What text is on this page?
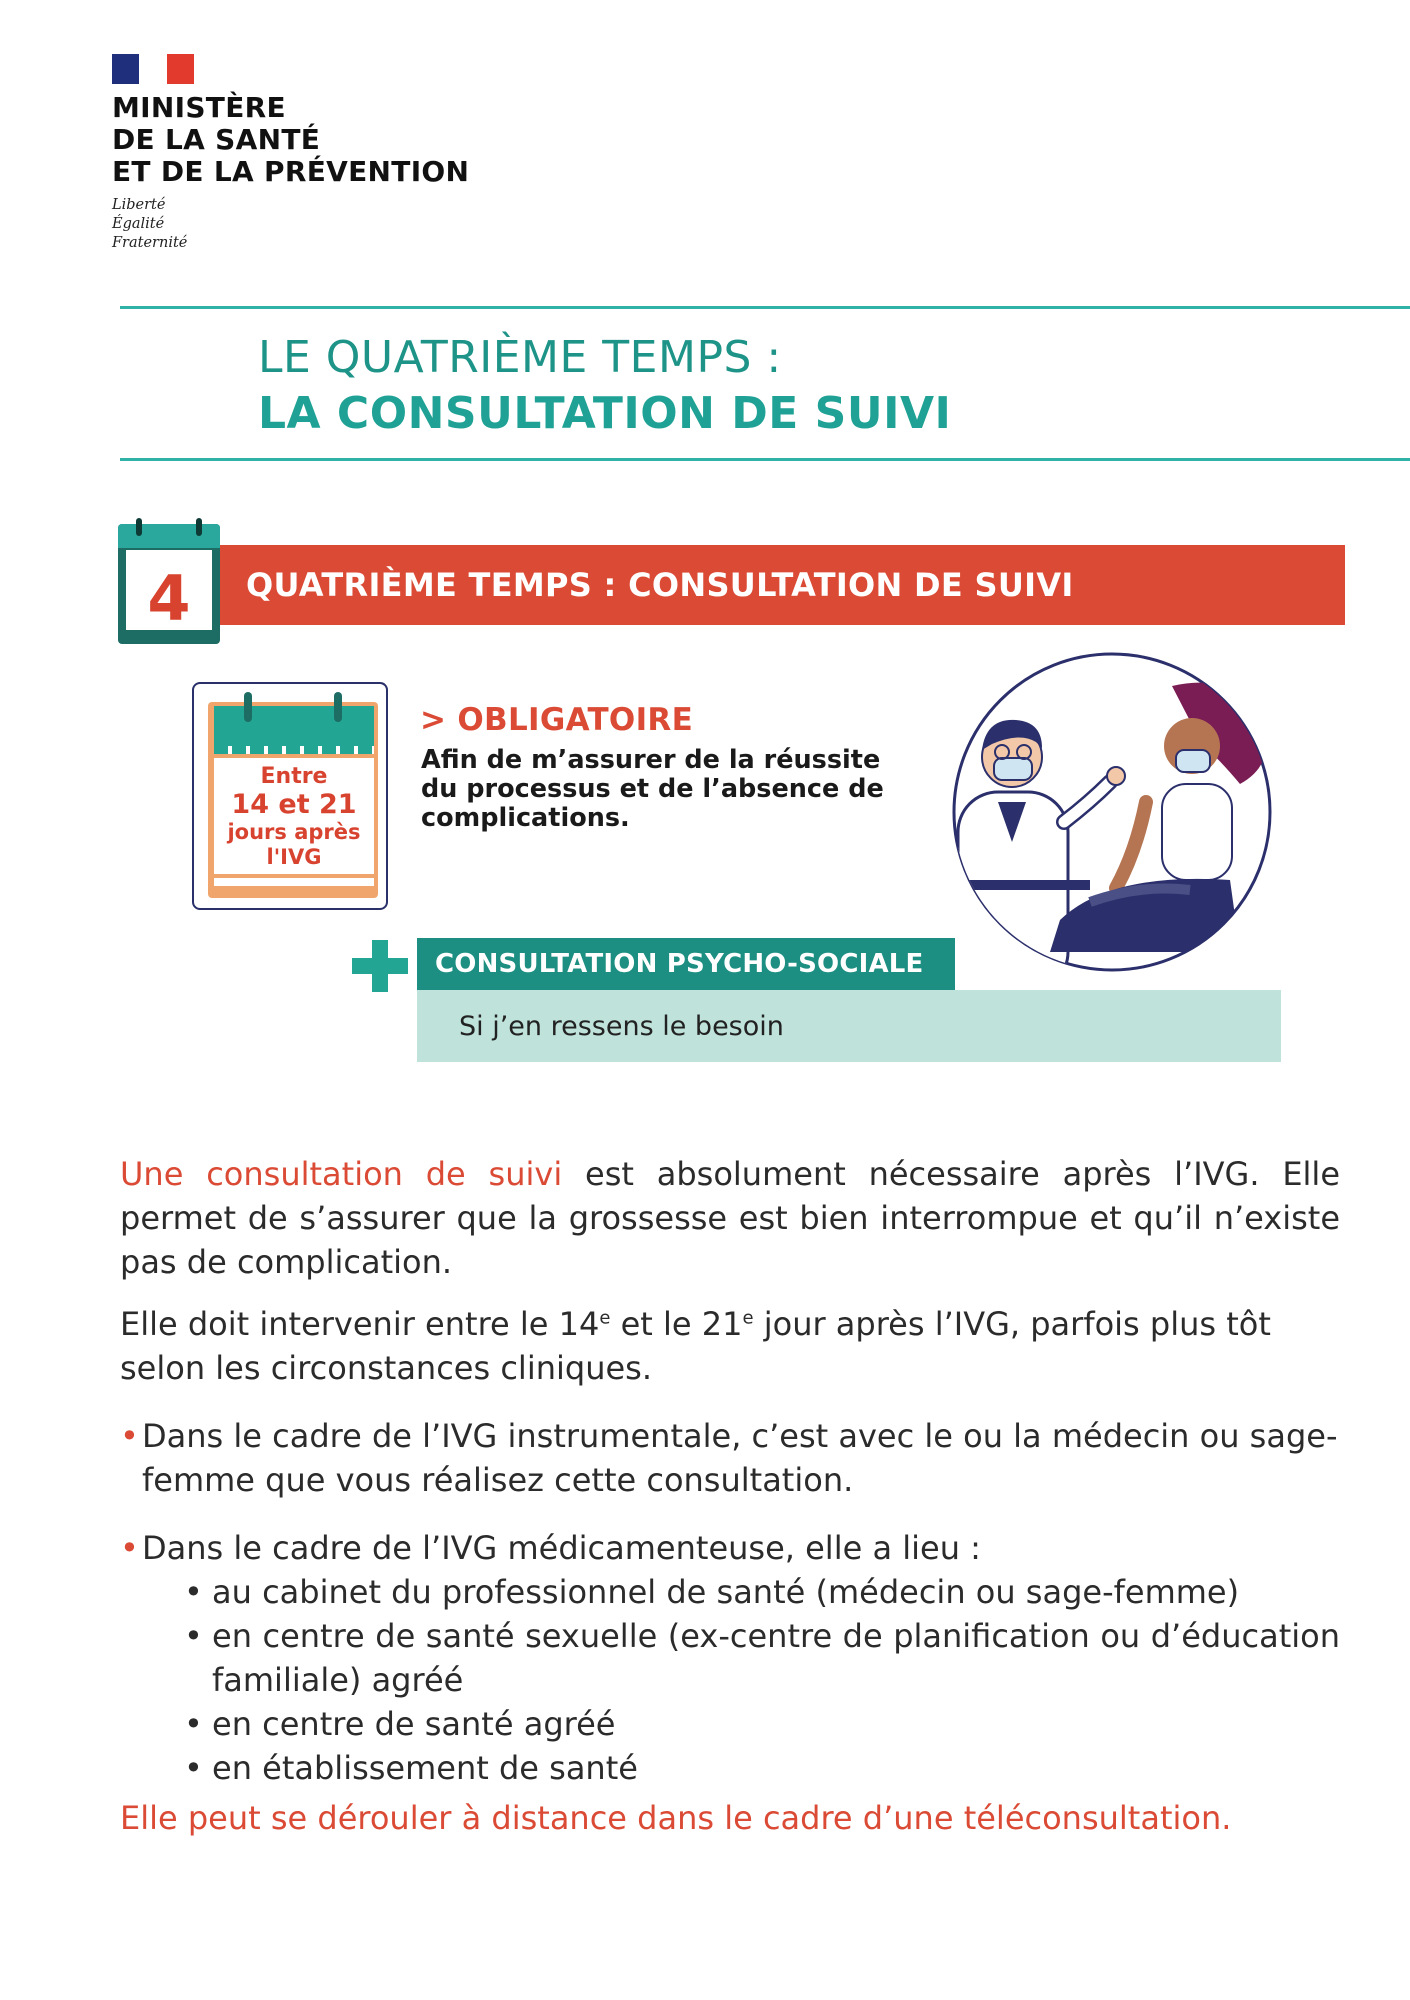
MINISTÈRE
DE LA SANTÉ
ET DE LA PRÉVENTION
Liberté
Égalité
Fraternité
LE QUATRIÈME TEMPS :
LA CONSULTATION DE SUIVI
4	QUATRIÈME TEMPS : CONSULTATION DE SUIVI
Entre
14 et 21
jours après
l'IVG
> OBLIGATOIRE
Afin de m’assurer de la réussite du processus et de l’absence de complications.
CONSULTATION PSYCHO-SOCIALE
Si j’en ressens le besoin
Une consultation de suivi est absolument nécessaire après l’IVG. Elle permet de s’assurer que la grossesse est bien interrompue et qu’il n’existe pas de complication.
Elle doit intervenir entre le 14e et le 21e jour après l’IVG, parfois plus tôt selon les circonstances cliniques.
• Dans le cadre de l’IVG instrumentale, c’est avec le ou la médecin ou sage-femme que vous réalisez cette consultation.
• Dans le cadre de l’IVG médicamenteuse, elle a lieu :
• au cabinet du professionnel de santé (médecin ou sage-femme)
• en centre de santé sexuelle (ex-centre de planification ou d’éducation familiale) agréé
• en centre de santé agréé
• en établissement de santé
Elle peut se dérouler à distance dans le cadre d’une téléconsultation.
